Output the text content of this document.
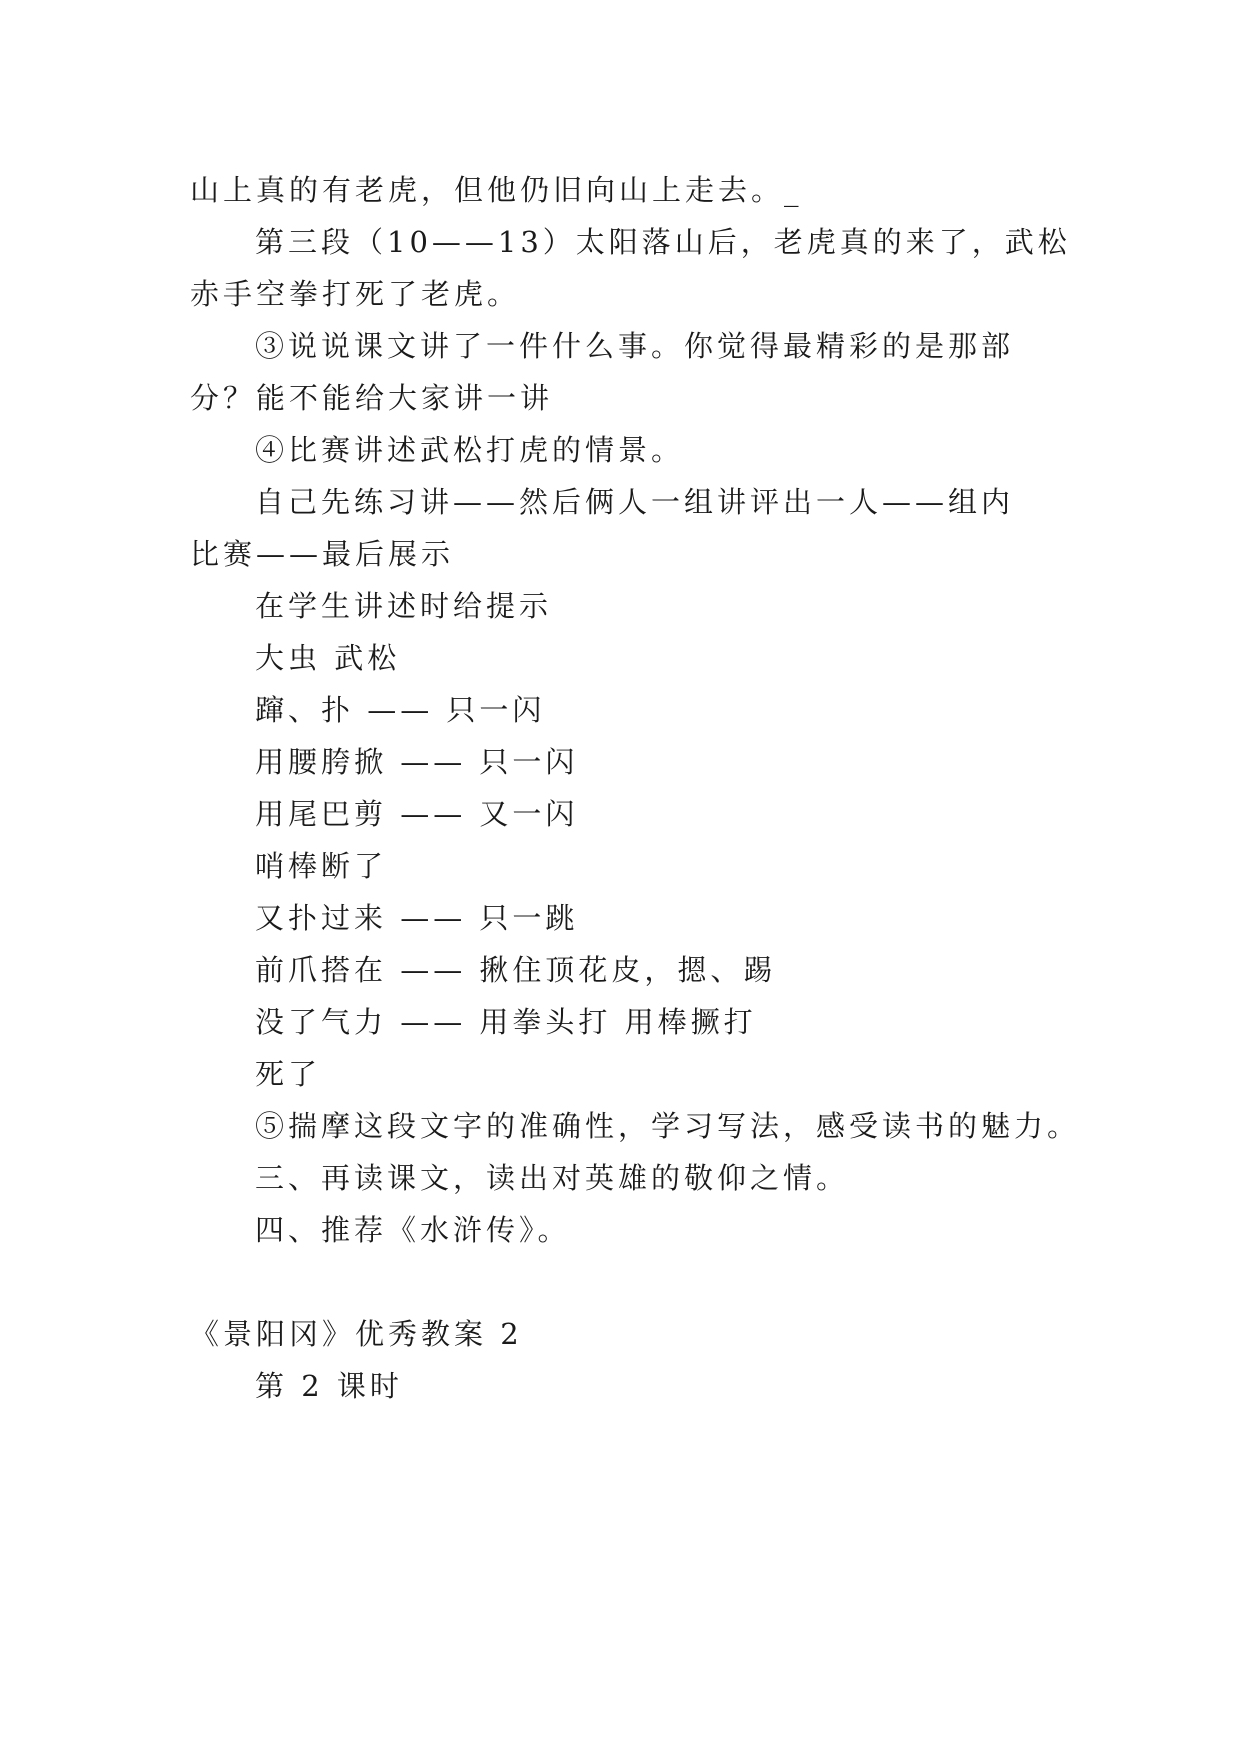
山上真的有老虎，但他仍旧向山上走去。_

第三段（10——13）太阳落山后，老虎真的来了，武松

赤手空拳打死了老虎。

③说说课文讲了一件什么事。你觉得最精彩的是那部

分？能不能给大家讲一讲

④比赛讲述武松打虎的情景。

自己先练习讲——然后俩人一组讲评出一人——组内

比赛——最后展示

在学生讲述时给提示

大虫 武松

蹿、扑 —— 只一闪

用腰胯掀 —— 只一闪

用尾巴剪 —— 又一闪

哨棒断了

又扑过来 —— 只一跳

前爪搭在 —— 揪住顶花皮，摁、踢

没了气力 —— 用拳头打 用棒撅打

死了

⑤揣摩这段文字的准确性，学习写法，感受读书的魅力。

三、再读课文，读出对英雄的敬仰之情。

四、推荐《水浒传》。

《景阳冈》优秀教案 2

第 2 课时
